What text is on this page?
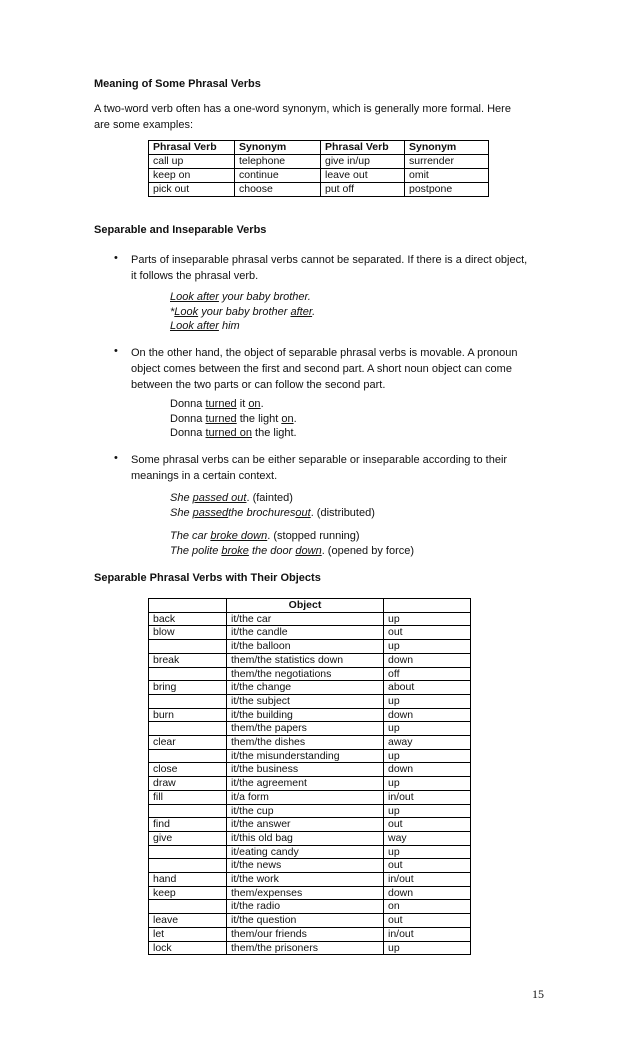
Meaning of Some Phrasal Verbs

A two-word verb often has a one-word synonym, which is generally more formal. Here

are some examples:

Phrasal Verb	Synonym	Phrasal Verb	Synonym
call up	telephone	give in/up	surrender
keep on	continue	leave out	omit
pick out	choose	put off	postpone
Separable and Inseparable Verbs
• Parts of inseparable phrasal verbs cannot be separated. If there is a direct object,

it follows the phrasal verb.

Look after your baby brother.
*Look your baby brother after.
Look after him
• On the other hand, the object of separable phrasal verbs is movable. A pronoun

object comes between the first and second part. A short noun object can come

between the two parts or can follow the second part.

Donna turned it on.
Donna turned the light on.
Donna turned on the light.
• Some phrasal verbs can be either separable or inseparable according to their

meanings in a certain context.

She passed out. (fainted)
She passedthe brochuresout. (distributed)
The car broke down. (stopped running)
The polite broke the door down. (opened by force)
Separable Phrasal Verbs with Their Objects
	Object	
back	it/the car	up
blow	it/the candle	out
	it/the balloon	up
break	them/the statistics down	down
	them/the negotiations	off
bring	it/the change	about
	it/the subject	up
burn	it/the building	down
	them/the papers	up
clear	them/the dishes	away
	it/the misunderstanding	up
close	it/the business	down
draw	it/the agreement	up
fill	it/a form	in/out
	it/the cup	up
find	it/the answer	out
give	it/this old bag	way
	it/eating candy	up
	it/the news	out
hand	it/the work	in/out
keep	them/expenses	down
	it/the radio	on
leave	it/the question	out
let	them/our friends	in/out
lock	them/the prisoners	up
15
